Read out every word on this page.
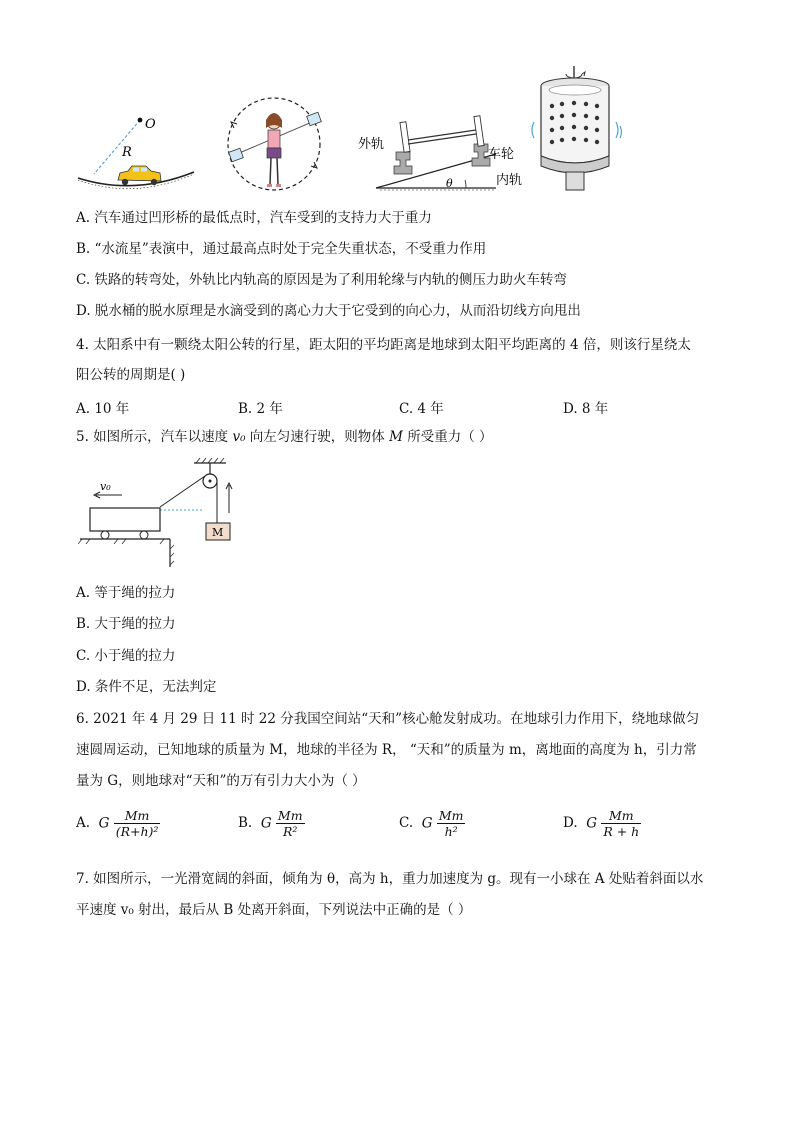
O
R
θ
外轨
车轮
内轨
A. 汽车通过凹形桥的最低点时，汽车受到的支持力大于重力
B. “水流星”表演中，通过最高点时处于完全失重状态，不受重力作用
C. 铁路的转弯处，外轨比内轨高的原因是为了利用轮缘与内轨的侧压力助火车转弯
D. 脱水桶的脱水原理是水滴受到的离心力大于它受到的向心力，从而沿切线方向甩出
4. 太阳系中有一颗绕太阳公转的行星，距太阳的平均距离是地球到太阳平均距离的 4 倍，则该行星绕太
阳公转的周期是( )
A. 10 年	B. 2 年	C. 4 年	D. 8 年
5. 如图所示，汽车以速度 v₀ 向左匀速行驶，则物体 M 所受重力（ ）
M
v₀
A. 等于绳的拉力
B. 大于绳的拉力
C. 小于绳的拉力
D. 条件不足，无法判定
6. 2021 年 4 月 29 日 11 时 22 分我国空间站“天和”核心舱发射成功。在地球引力作用下，绕地球做匀
速圆周运动，已知地球的质量为 M，地球的半径为 R， “天和”的质量为 m，离地面的高度为 h，引力常
量为 G，则地球对“天和”的万有引力大小为（ ）
A. G $\frac{Mm}{\text{(R+h)²}}$	B. G $\frac{Mm}{\text{R²}}$	C. G $\frac{Mm}{\text{h²}}$	D. G $\frac{Mm}{R + h}$
7. 如图所示，一光滑宽阔的斜面，倾角为 θ，高为 h，重力加速度为 g。现有一小球在 A 处贴着斜面以水
平速度 v₀ 射出，最后从 B 处离开斜面，下列说法中正确的是（ ）
